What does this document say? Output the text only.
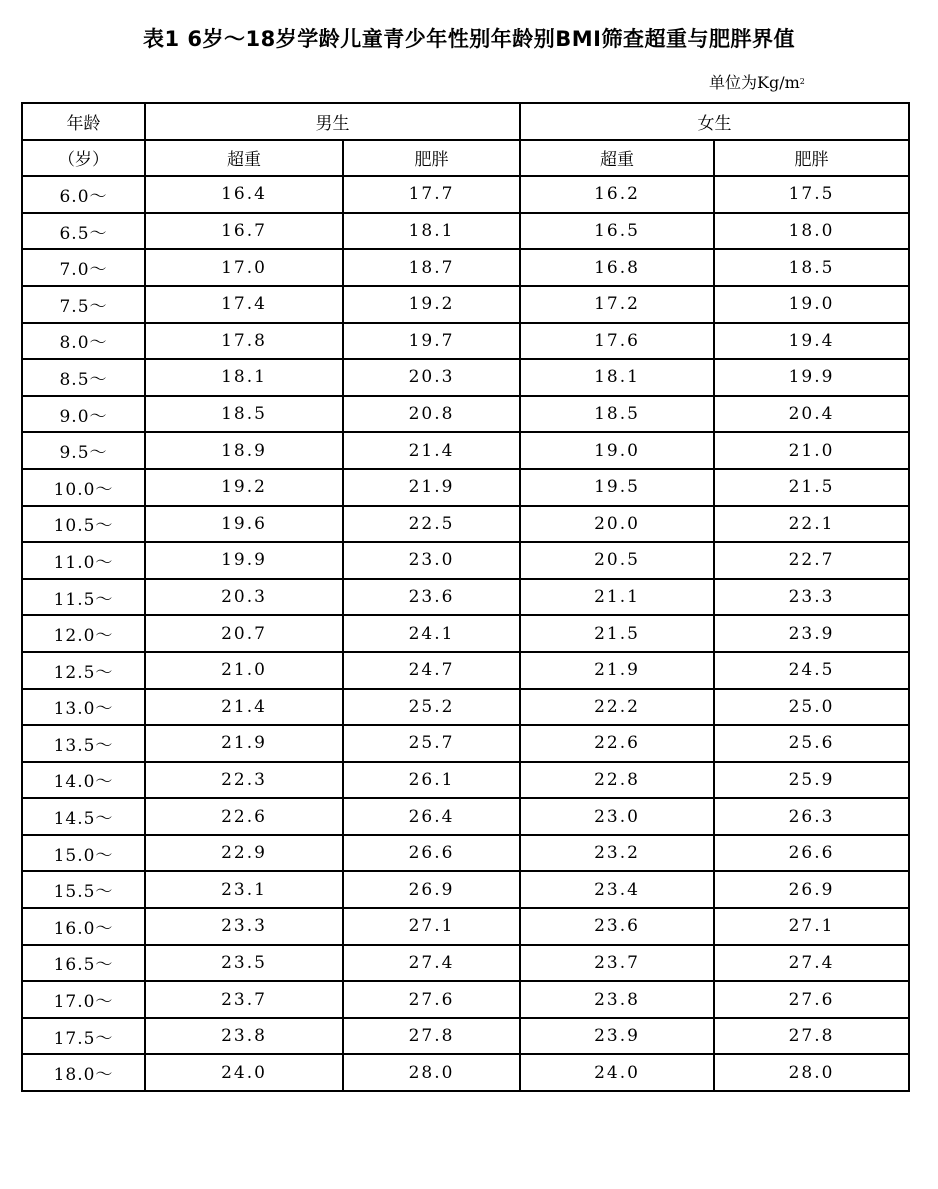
表1 6岁～18岁学龄儿童青少年性别年龄别BMI筛查超重与肥胖界值
单位为$Kg/m^2$
年龄	男生		女生	
（岁）	超重	肥胖	超重	肥胖
6.0～	16.4	17.7	16.2	17.5
6.5～	16.7	18.1	16.5	18.0
7.0～	17.0	18.7	16.8	18.5
7.5～	17.4	19.2	17.2	19.0
8.0～	17.8	19.7	17.6	19.4
8.5～	18.1	20.3	18.1	19.9
9.0～	18.5	20.8	18.5	20.4
9.5～	18.9	21.4	19.0	21.0
10.0～	19.2	21.9	19.5	21.5
10.5～	19.6	22.5	20.0	22.1
11.0～	19.9	23.0	20.5	22.7
11.5～	20.3	23.6	21.1	23.3
12.0～	20.7	24.1	21.5	23.9
12.5～	21.0	24.7	21.9	24.5
13.0～	21.4	25.2	22.2	25.0
13.5～	21.9	25.7	22.6	25.6
14.0～	22.3	26.1	22.8	25.9
14.5～	22.6	26.4	23.0	26.3
15.0～	22.9	26.6	23.2	26.6
15.5～	23.1	26.9	23.4	26.9
16.0～	23.3	27.1	23.6	27.1
16.5～	23.5	27.4	23.7	27.4
17.0～	23.7	27.6	23.8	27.6
17.5～	23.8	27.8	23.9	27.8
18.0～	24.0	28.0	24.0	28.0
